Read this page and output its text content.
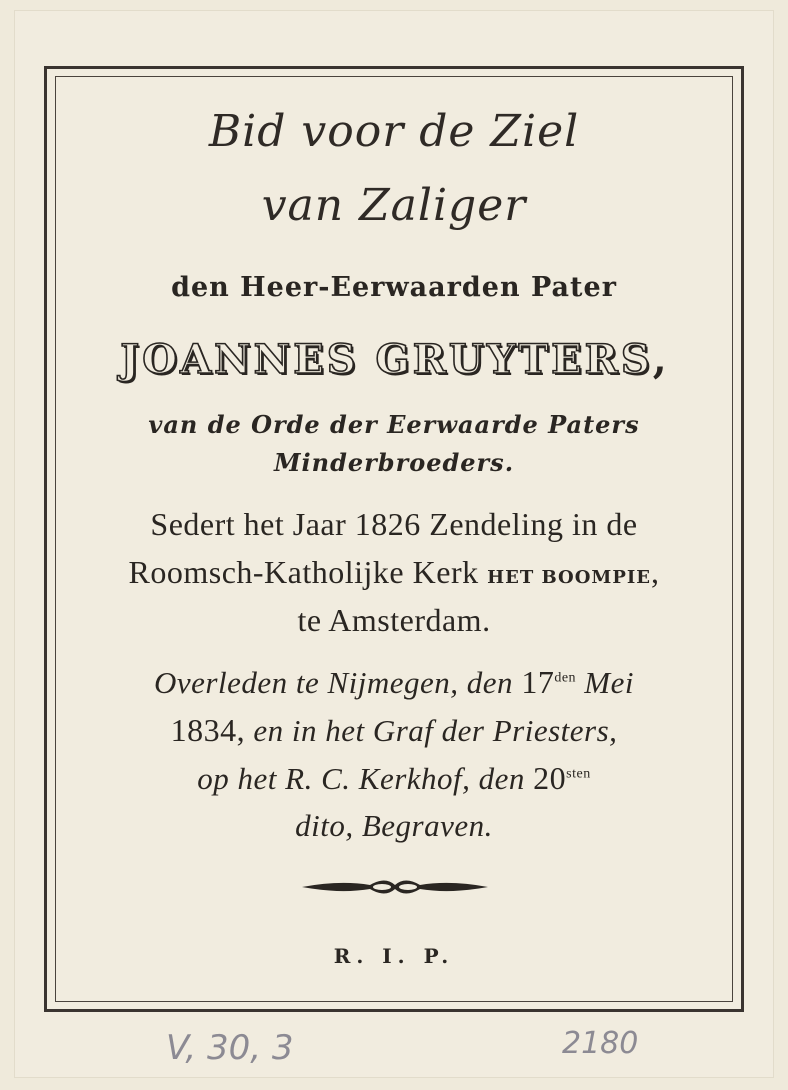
Bid voor de Ziel
van Zaliger
den Heer-Eerwaarden Pater
JOANNES GRUYTERS,
van de Orde der Eerwaarde Paters
Minderbroeders.
Sedert het Jaar 1826 Zendeling in de
Roomsch-Katholijke Kerk HET BOOMPIE,
te Amsterdam.
Overleden te Nijmegen, den $17^{den}$ Mei
1834, en in het Graf der Priesters,
op het R. C. Kerkhof, den $20^{sten}$
dito, Begraven.
R. I. P.
V, 30, 3	2180
